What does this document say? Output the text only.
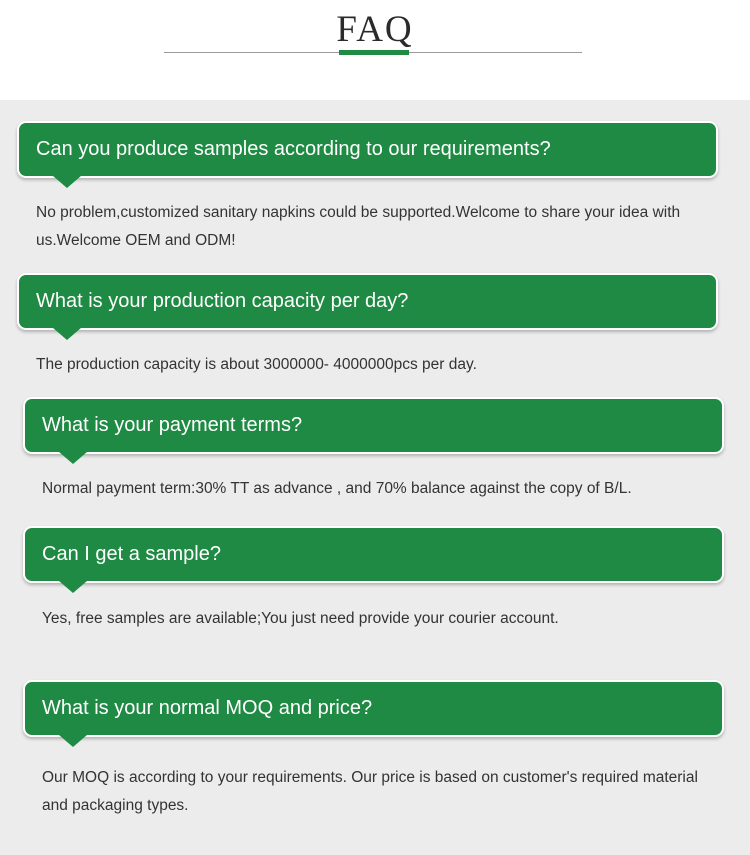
FAQ
Can you produce samples according to our requirements?
No problem,customized sanitary napkins could be supported.Welcome to share your idea with us.Welcome OEM and ODM!
What is your production capacity per day?
The production capacity is about 3000000- 4000000pcs per day.
What is your payment terms?
Normal payment term:30% TT as advance , and 70% balance against the copy of B/L.
Can I get a sample?
Yes, free samples are available;You just need provide your courier account.
What is your normal MOQ and price?
Our MOQ is according to your requirements. Our price is based on customer's required material and packaging types.
